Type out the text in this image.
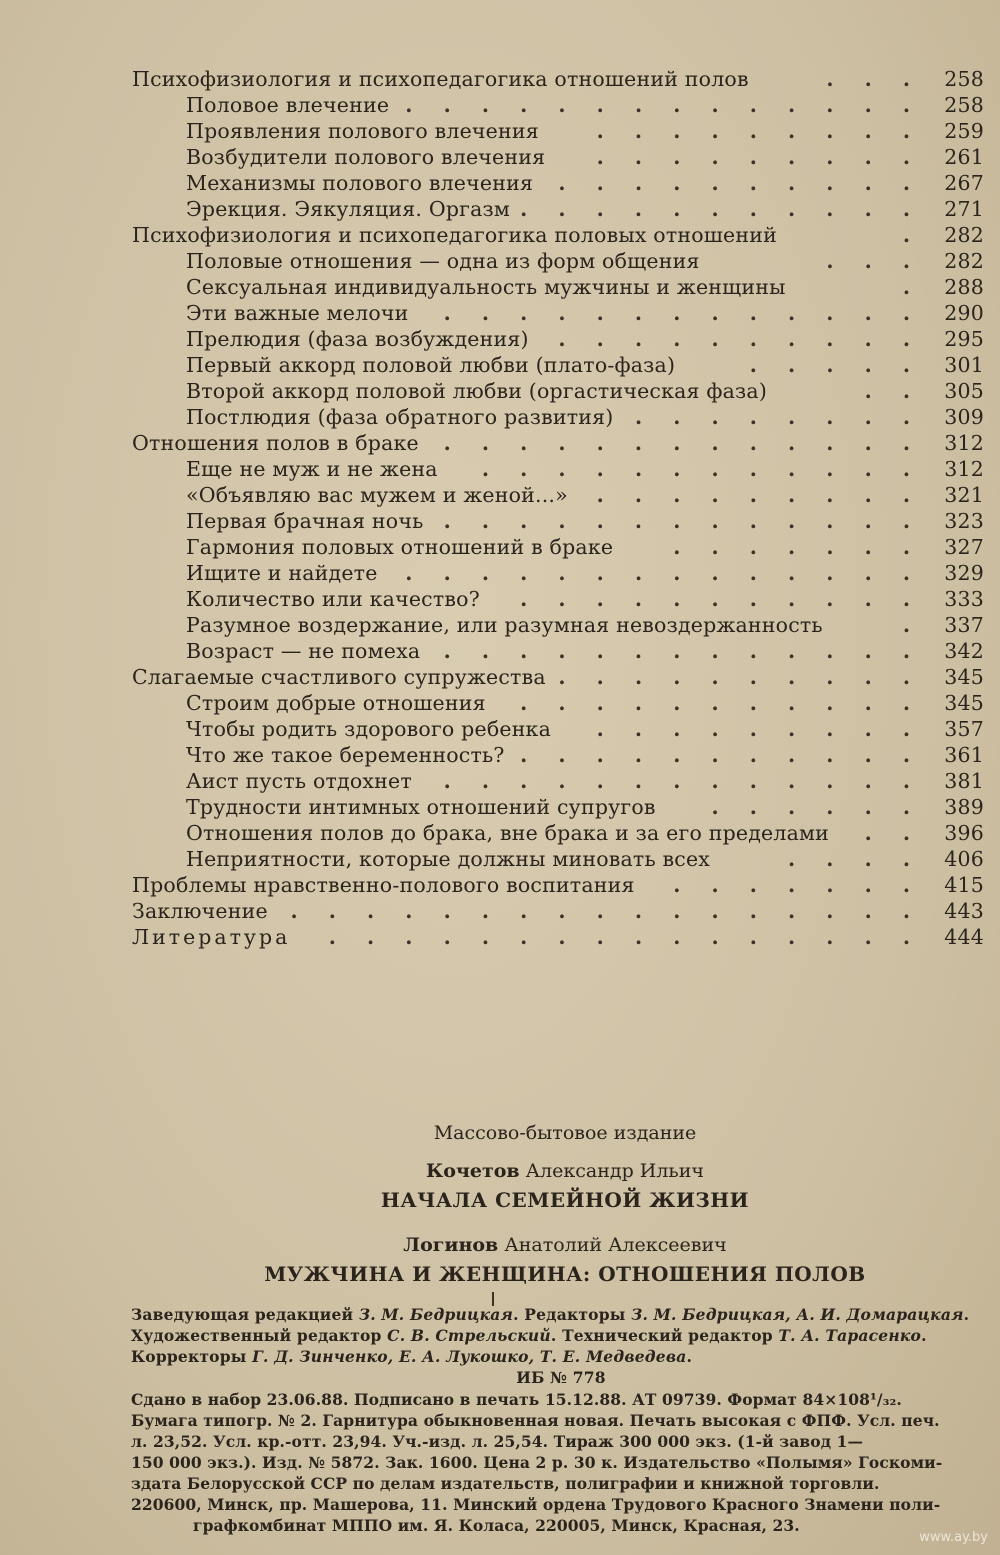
Психофизиология и психопедагогика отношений полов	. . .	258
Половое влечение . . . . . . . . . . . . . .	258
Проявления полового влечения	. . . . . . . . .	259
Возбудители полового влечения	. . . . . . . . .	261
Механизмы полового влечения . . . . . . . . . .	267
Эрекция. Эякуляция. Оргазм . . . . . . . . . . .	271
Психофизиология и психопедагогика половых отношений	.	282
Половые отношения — одна из форм общения	. . .	282
Сексуальная индивидуальность мужчины и женщины	.	288
Эти важные мелочи . . . . . . . . . . . . .	290
Прелюдия (фаза возбуждения) . . . . . . . . . .	295
Первый аккорд половой любви (плато-фаза)	. . . . .	301
Второй аккорд половой любви (оргастическая фаза)	. .	305
Постлюдия (фаза обратного развития) . . . . . . . .	309
Отношения полов в браке . . . . . . . . . . . . .	312
Еще не муж и не жена . . . . . . . . . . . .	312
«Объявляю вас мужем и женой...» . . . . . . . . .	321
Первая брачная ночь . . . . . . . . . . . . .	323
Гармония половых отношений в браке	. . . . . . .	327
Ищите и найдете . . . . . . . . . . . . . .	329
Количество или качество? . . . . . . . . . . .	333
Разумное воздержание, или разумная невоздержанность	.	337
Возраст — не помеха . . . . . . . . . . . . .	342
Слагаемые счастливого супружества . . . . . . . . . .	345
Строим добрые отношения . . . . . . . . . . .	345
Чтобы родить здорового ребенка . . . . . . . . .	357
Что же такое беременность? . . . . . . . . . . .	361
Аист пусть отдохнет . . . . . . . . . . . . .	381
Трудности интимных отношений супругов	. . . . . .	389
Отношения полов до брака, вне брака и за его пределами . .	396
Неприятности, которые должны миновать всех	. . . .	406
Проблемы нравственно-полового воспитания . . . . . . .	415
Заключение . . . . . . . . . . . . . . . . .	443
Литература . . . . . . . . . . . . . . . .	444
Массово-бытовое издание
Кочетов Александр Ильич
НАЧАЛА СЕМЕЙНОЙ ЖИЗНИ
Логинов Анатолий Алексеевич
МУЖЧИНА И ЖЕНЩИНА: ОТНОШЕНИЯ ПОЛОВ
Заведующая редакцией З. М. Бедрицкая. Редакторы З. М. Бедрицкая, А. И. Домарацкая.
Художественный редактор С. В. Стрельский. Технический редактор Т. А. Тарасенко.
Корректоры Г. Д. Зинченко, Е. А. Лукошко, Т. Е. Медведева.
ИБ № 778
Сдано в набор 23.06.88. Подписано в печать 15.12.88. АТ 09739. Формат 84×108¹/₃₂.
Бумага типогр. № 2. Гарнитура обыкновенная новая. Печать высокая с ФПФ. Усл. печ.
л. 23,52. Усл. кр.-отт. 23,94. Уч.-изд. л. 25,54. Тираж 300 000 экз. (1-й завод 1—
150 000 экз.). Изд. № 5872. Зак. 1600. Цена 2 р. 30 к. Издательство «Полымя» Госкоми-
здата Белорусской ССР по делам издательств, полиграфии и книжной торговли.
220600, Минск, пр. Машерова, 11. Минский ордена Трудового Красного Знамени поли-
графкомбинат МППО им. Я. Коласа, 220005, Минск, Красная, 23.
www.ay.by
